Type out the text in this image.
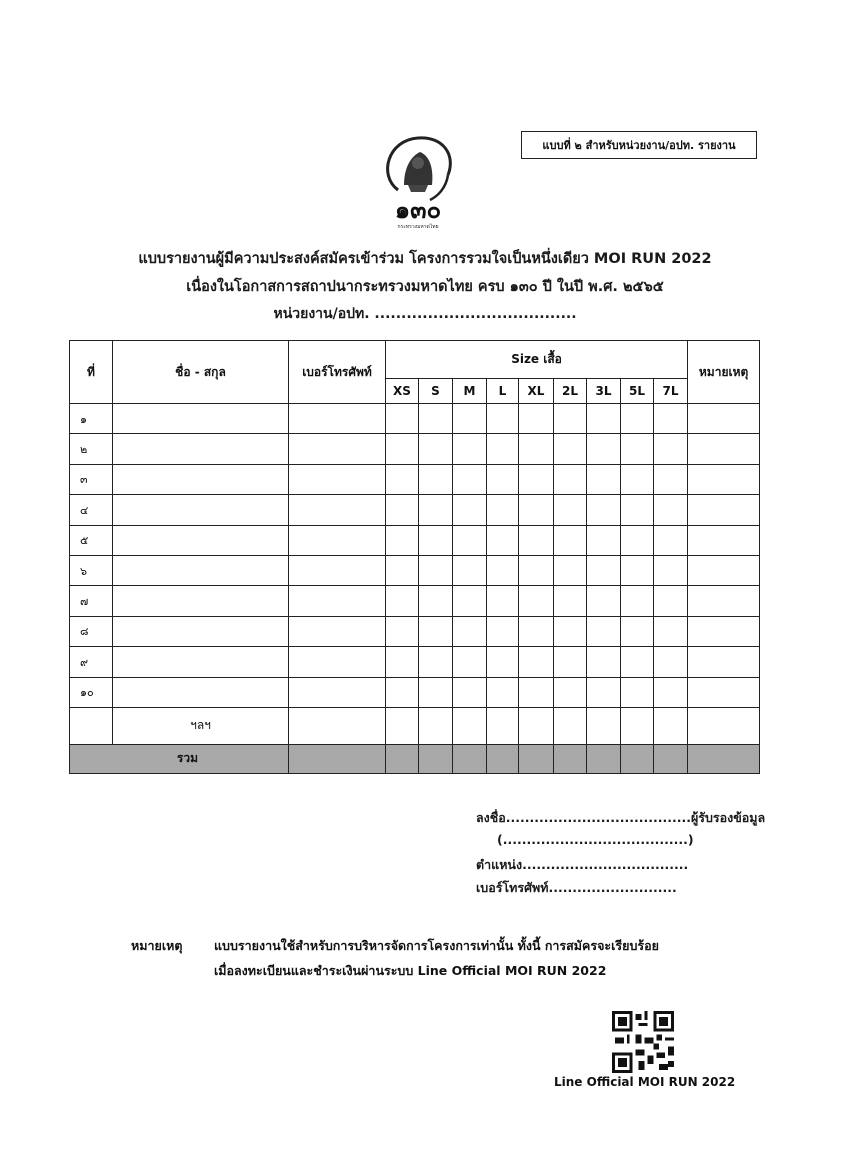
แบบที่ ๒ สำหรับหน่วยงาน/อปท. รายงาน
๑๓๐
กระทรวงมหาดไทย
แบบรายงานผู้มีความประสงค์สมัครเข้าร่วม โครงการรวมใจเป็นหนึ่งเดียว MOI RUN 2022
เนื่องในโอกาสการสถาปนากระทรวงมหาดไทย ครบ ๑๓๐ ปี ในปี พ.ศ. ๒๕๖๕
หน่วยงาน/อปท. ......................................
ที่	ชื่อ - สกุล	เบอร์โทรศัพท์	Size เสื้อ									หมายเหตุ
			XS	S	M	L	XL	2L	3L	5L	7L	
๑												
๒												
๓												
๔												
๕												
๖												
๗												
๘												
๙												
๑๐												
	ฯลฯ											
รวม												
ลงชื่อ.......................................ผู้รับรองข้อมูล
(.......................................)
ตำแหน่ง...................................
เบอร์โทรศัพท์...........................
หมายเหตุ	แบบรายงานใช้สำหรับการบริหารจัดการโครงการเท่านั้น ทั้งนี้ การสมัครจะเรียบร้อย
เมื่อลงทะเบียนและชำระเงินผ่านระบบ Line Official MOI RUN 2022
Line Official MOI RUN 2022
